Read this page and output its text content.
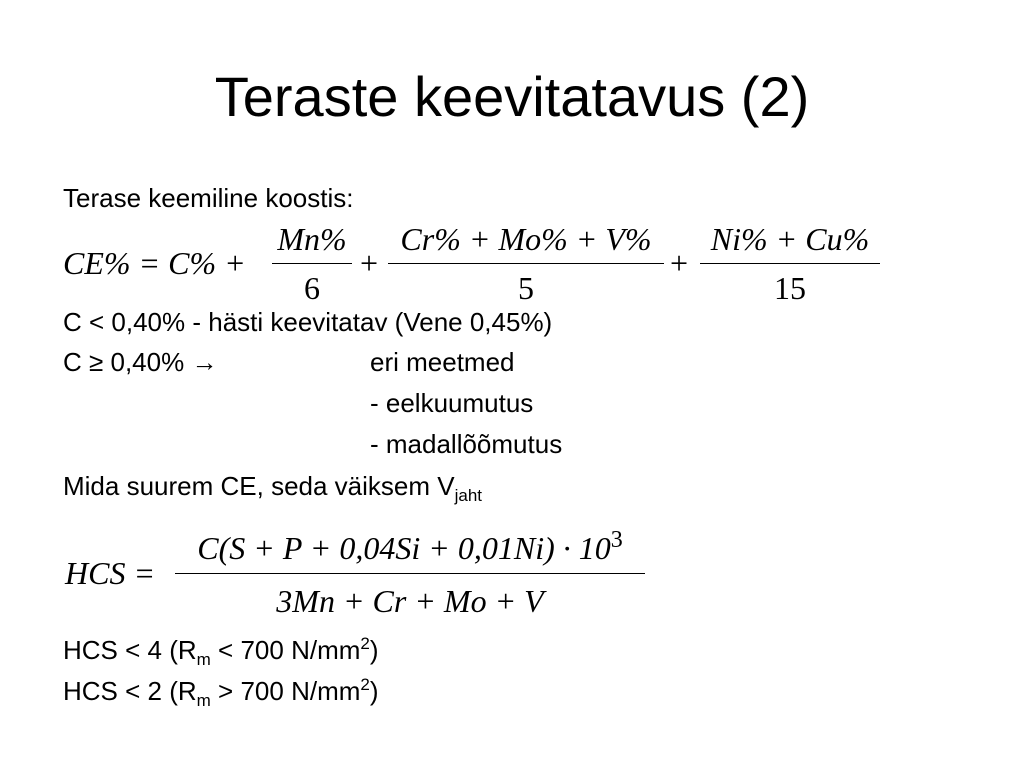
Teraste keevitatavus (2)
Terase keemiline koostis:
CE% = C% +
Mn%
6
+
Cr% + Mo% + V%
5
+
Ni% + Cu%
15
C < 0,40% - hästi keevitatav (Vene 0,45%)
C ≥ 0,40% →	eri meetmed
- eelkuumutus
- madallõõmutus
Mida suurem CE, seda väiksem $V_{jaht}$
HCS =
$C(S + P + 0,04Si + 0,01Ni) \cdot 10^3$
3Mn + Cr + Mo + V
HCS < 4 ($R_m < 700$ $N/mm^2$)
HCS < 2 ($R_m > 700$ $N/mm^2$)
